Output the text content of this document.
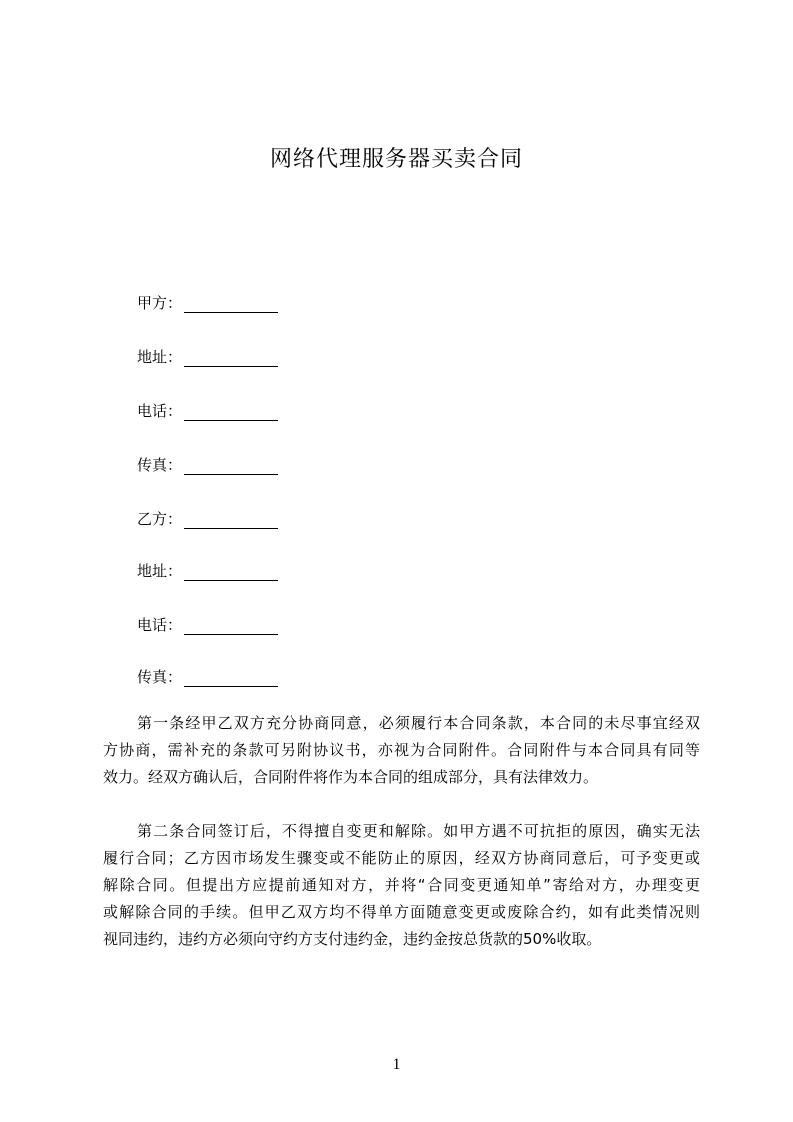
网络代理服务器买卖合同
甲方：
地址：
电话：
传真：
乙方：
地址：
电话：
传真：
第一条经甲乙双方充分协商同意，必须履行本合同条款，本合同的未尽事宜经双
方协商，需补充的条款可另附协议书，亦视为合同附件。合同附件与本合同具有同等
效力。经双方确认后，合同附件将作为本合同的组成部分，具有法律效力。
第二条合同签订后，不得擅自变更和解除。如甲方遇不可抗拒的原因，确实无法
履行合同；乙方因市场发生骤变或不能防止的原因，经双方协商同意后，可予变更或
解除合同。但提出方应提前通知对方，并将“合同变更通知单”寄给对方，办理变更
或解除合同的手续。但甲乙双方均不得单方面随意变更或废除合约，如有此类情况则
视同违约，违约方必须向守约方支付违约金，违约金按总货款的50%收取。
1
